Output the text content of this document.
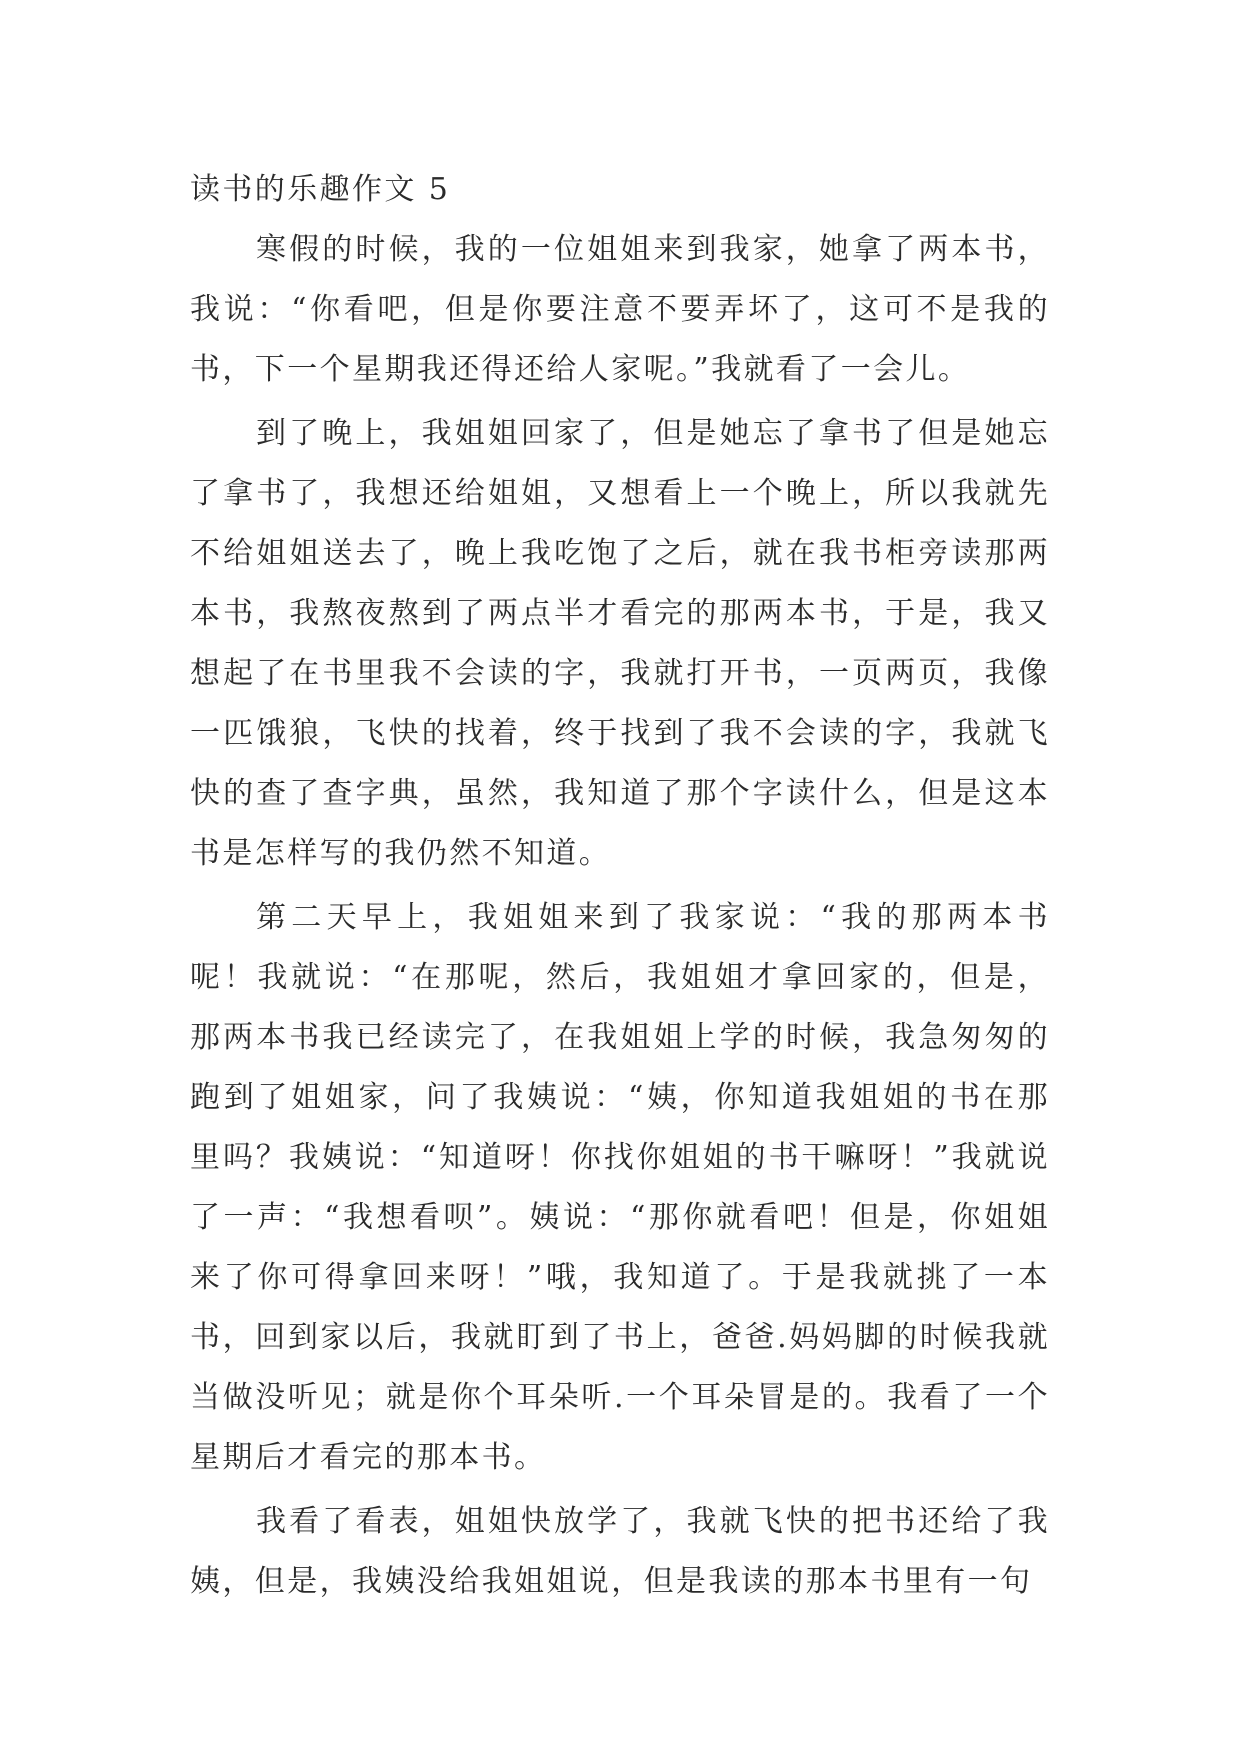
读书的乐趣作文 5

寒假的时候，我的一位姐姐来到我家，她拿了两本书，我说：“你看吧，但是你要注意不要弄坏了，这可不是我的书，下一个星期我还得还给人家呢。”我就看了一会儿。

到了晚上，我姐姐回家了，但是她忘了拿书了但是她忘了拿书了，我想还给姐姐，又想看上一个晚上，所以我就先不给姐姐送去了，晚上我吃饱了之后，就在我书柜旁读那两本书，我熬夜熬到了两点半才看完的那两本书，于是，我又想起了在书里我不会读的字，我就打开书，一页两页，我像一匹饿狼，飞快的找着，终于找到了我不会读的字，我就飞快的查了查字典，虽然，我知道了那个字读什么，但是这本书是怎样写的我仍然不知道。

第二天早上，我姐姐来到了我家说：“我的那两本书呢！我就说：“在那呢，然后，我姐姐才拿回家的，但是，那两本书我已经读完了，在我姐姐上学的时候，我急匆匆的跑到了姐姐家，问了我姨说：“姨，你知道我姐姐的书在那里吗？我姨说：“知道呀！你找你姐姐的书干嘛呀！”我就说了一声：“我想看呗”。姨说：“那你就看吧！但是，你姐姐来了你可得拿回来呀！”哦，我知道了。于是我就挑了一本书，回到家以后，我就盯到了书上，爸爸.妈妈脚的时候我就当做没听见；就是你个耳朵听.一个耳朵冒是的。我看了一个星期后才看完的那本书。

我看了看表，姐姐快放学了，我就飞快的把书还给了我姨，但是，我姨没给我姐姐说，但是我读的那本书里有一句
